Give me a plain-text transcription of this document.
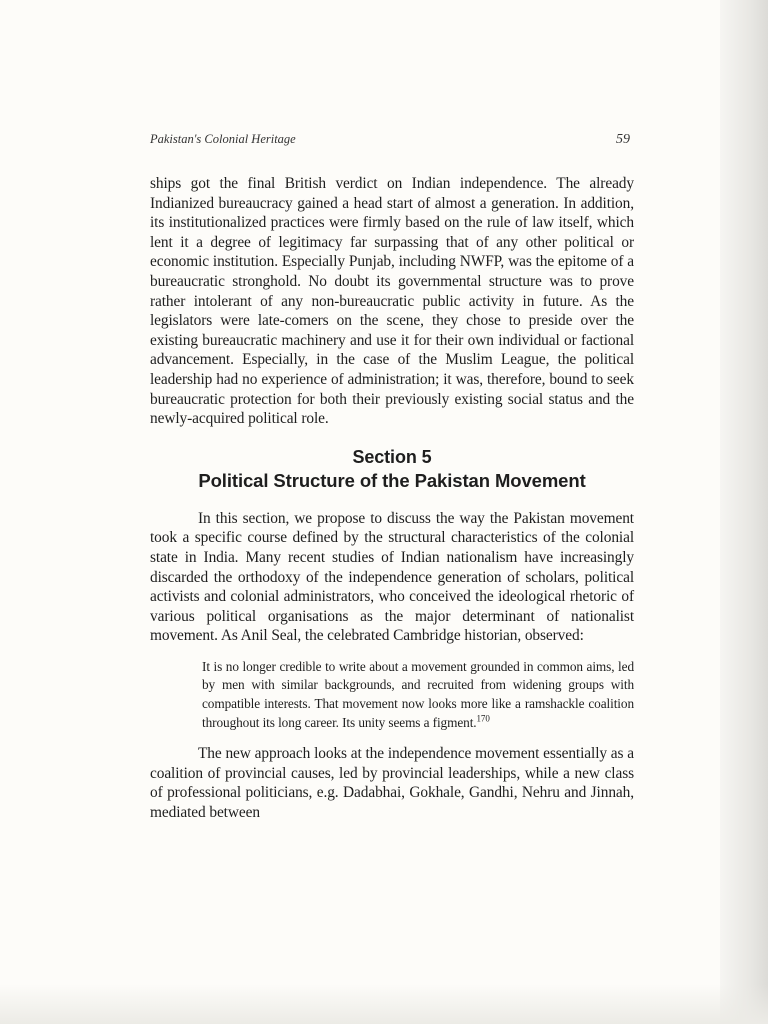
Pakistan's Colonial Heritage	59

ships got the final British verdict on Indian independence. The already Indianized bureaucracy gained a head start of almost a generation. In addition, its institutionalized practices were firmly based on the rule of law itself, which lent it a degree of legitimacy far surpassing that of any other political or economic institution. Especially Punjab, including NWFP, was the epitome of a bureaucratic stronghold. No doubt its governmental structure was to prove rather intolerant of any non-bureaucratic public activity in future. As the legislators were late-comers on the scene, they chose to preside over the existing bureaucratic machinery and use it for their own individual or factional advancement. Especially, in the case of the Muslim League, the political leadership had no experience of administration; it was, therefore, bound to seek bureaucratic protection for both their previously existing social status and the newly-acquired political role.

Section 5
Political Structure of the Pakistan Movement

In this section, we propose to discuss the way the Pakistan movement took a specific course defined by the structural characteristics of the colonial state in India. Many recent studies of Indian nationalism have increasingly discarded the orthodoxy of the independence generation of scholars, political activists and colonial administrators, who conceived the ideological rhetoric of various political organisations as the major determinant of nationalist movement. As Anil Seal, the celebrated Cambridge historian, observed:

It is no longer credible to write about a movement grounded in common aims, led by men with similar backgrounds, and recruited from widening groups with compatible interests. That movement now looks more like a ramshackle coalition throughout its long career. Its unity seems a figment.$^{170}$

The new approach looks at the independence movement essentially as a coalition of provincial causes, led by provincial leaderships, while a new class of professional politicians, e.g. Dadabhai, Gokhale, Gandhi, Nehru and Jinnah, mediated between
